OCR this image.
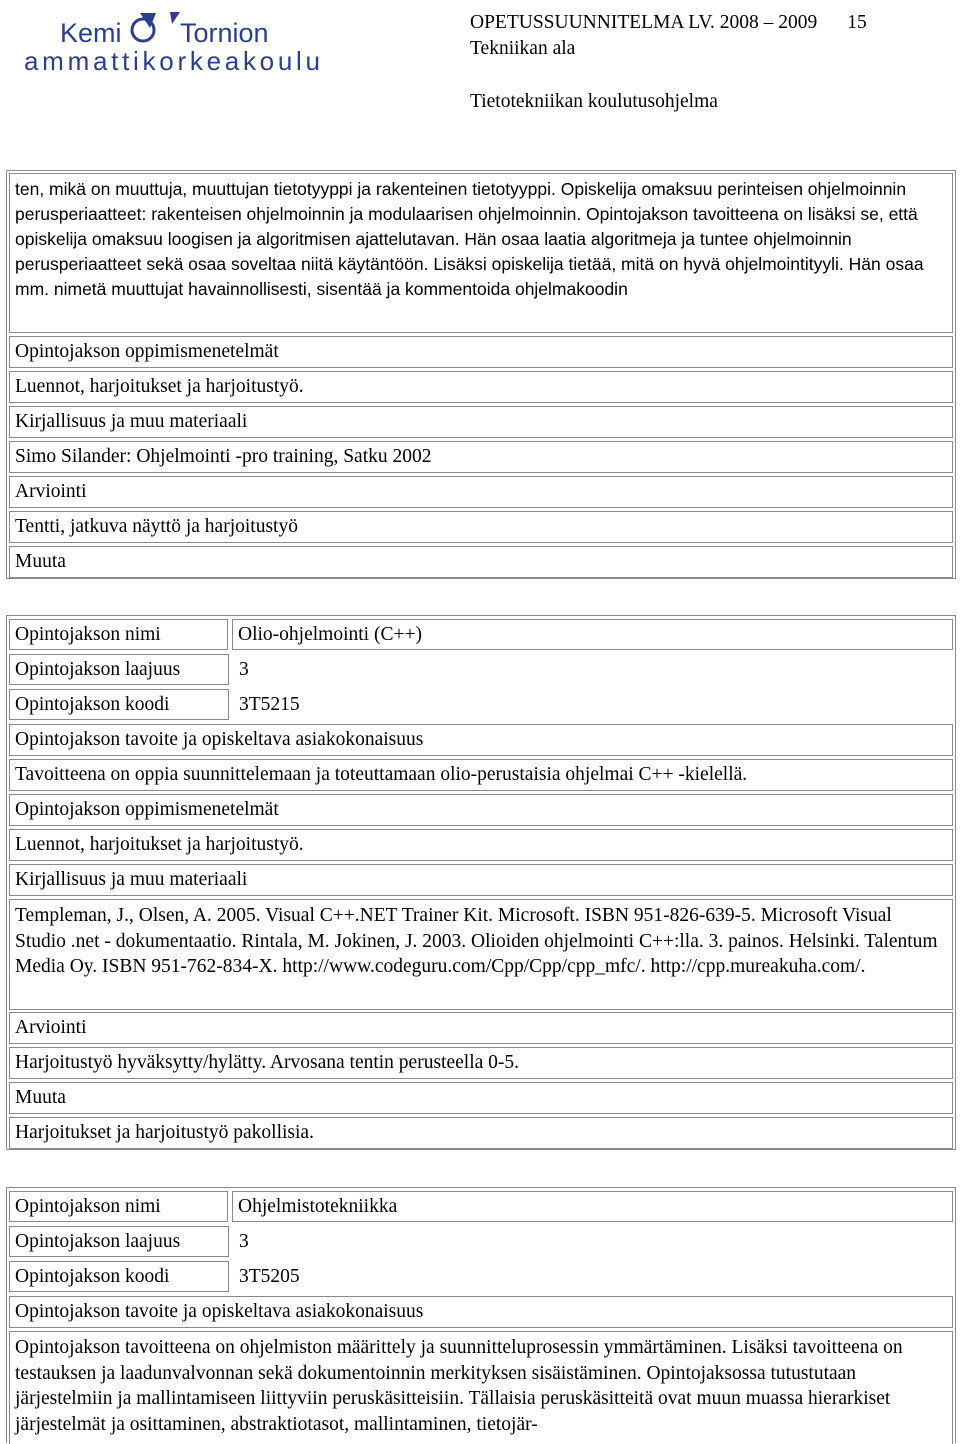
Kemi Tornion
ammattikorkeakoulu
OPETUSSUUNNITELMA LV. 2008 – 2009 15
Tekniikan ala
Tietotekniikan koulutusohjelma
ten, mikä on muuttuja, muuttujan tietotyyppi ja rakenteinen tietotyyppi. Opiskelija omaksuu perinteisen ohjelmoinnin perusperiaatteet: rakenteisen ohjelmoinnin ja modulaarisen ohjelmoinnin. Opintojakson tavoitteena on lisäksi se, että opiskelija omaksuu loogisen ja algoritmisen ajattelutavan. Hän osaa laatia algoritmeja ja tuntee ohjelmoinnin perusperiaatteet sekä osaa soveltaa niitä käytäntöön. Lisäksi opiskelija tietää, mitä on hyvä ohjelmointityyli. Hän osaa mm. nimetä muuttujat havainnollisesti, sisentää ja kommentoida ohjelmakoodin
Opintojakson oppimismenetelmät
Luennot, harjoitukset ja harjoitustyö.
Kirjallisuus ja muu materiaali
Simo Silander: Ohjelmointi -pro training, Satku 2002
Arviointi
Tentti, jatkuva näyttö ja harjoitustyö
Muuta
Opintojakson nimi	Olio-ohjelmointi (C++)
Opintojakson laajuus	3
Opintojakson koodi	3T5215
Opintojakson tavoite ja opiskeltava asiakokonaisuus
Tavoitteena on oppia suunnittelemaan ja toteuttamaan olio-perustaisia ohjelmai C++ -kielellä.
Opintojakson oppimismenetelmät
Luennot, harjoitukset ja harjoitustyö.
Kirjallisuus ja muu materiaali
Templeman, J., Olsen, A. 2005. Visual C++.NET Trainer Kit. Microsoft. ISBN 951-826-639-5. Microsoft Visual Studio .net - dokumentaatio. Rintala, M. Jokinen, J. 2003. Olioiden ohjelmointi C++:lla. 3. painos. Helsinki. Talentum Media Oy. ISBN 951-762-834-X. http://www.codeguru.com/Cpp/Cpp/cpp_mfc/. http://cpp.mureakuha.com/.
Arviointi
Harjoitustyö hyväksytty/hylätty. Arvosana tentin perusteella 0-5.
Muuta
Harjoitukset ja harjoitustyö pakollisia.
Opintojakson nimi	Ohjelmistotekniikka
Opintojakson laajuus	3
Opintojakson koodi	3T5205
Opintojakson tavoite ja opiskeltava asiakokonaisuus
Opintojakson tavoitteena on ohjelmiston määrittely ja suunnitteluprosessin ymmärtäminen. Lisäksi tavoitteena on testauksen ja laadunvalvonnan sekä dokumentoinnin merkityksen sisäistäminen. Opintojaksossa tutustutaan järjestelmiin ja mallintamiseen liittyviin peruskäsitteisiin. Tällaisia peruskäsitteitä ovat muun muassa hierarkiset järjestelmät ja osittaminen, abstraktiotasot, mallintaminen, tietojär-
